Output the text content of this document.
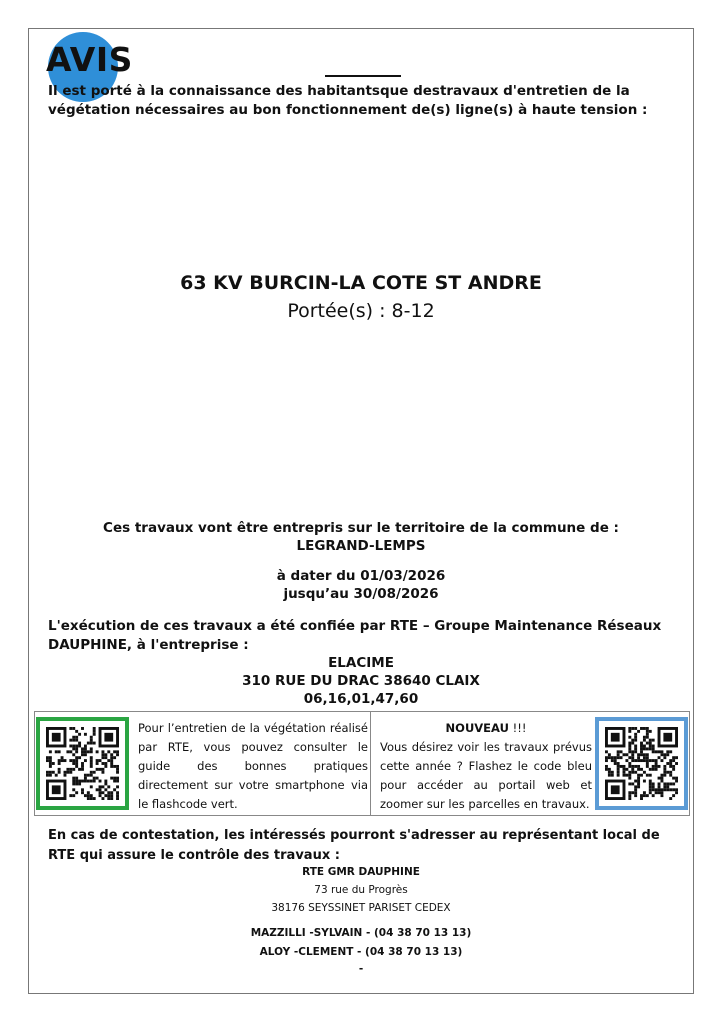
AVIS
Il est porté à la connaissance des habitantsque destravaux d'entretien de la végétation nécessaires au bon fonctionnement de(s) ligne(s) à haute tension :
63 KV BURCIN-LA COTE ST ANDRE
Portée(s) : 8-12
Ces travaux vont être entrepris sur le territoire de la commune de :
LEGRAND-LEMPS
à dater du 01/03/2026
jusqu’au 30/08/2026
L'exécution de ces travaux a été confiée par RTE – Groupe Maintenance Réseaux DAUPHINE, à l'entreprise :
ELACIME
310 RUE DU DRAC 38640 CLAIX
06,16,01,47,60
Pour l’entretien de la végétation réalisé par RTE, vous pouvez consulter le guide des bonnes pratiques directement sur votre smartphone via le flashcode vert.
NOUVEAU !!!
Vous désirez voir les travaux prévus cette année ? Flashez le code bleu pour accéder au portail web et zoomer sur les parcelles en travaux.
En cas de contestation, les intéressés pourront s'adresser au représentant local de RTE qui assure le contrôle des travaux :
RTE GMR DAUPHINE
73 rue du Progrès
38176 SEYSSINET PARISET CEDEX
MAZZILLI -SYLVAIN - (04 38 70 13 13)
ALOY -CLEMENT - (04 38 70 13 13)
-
